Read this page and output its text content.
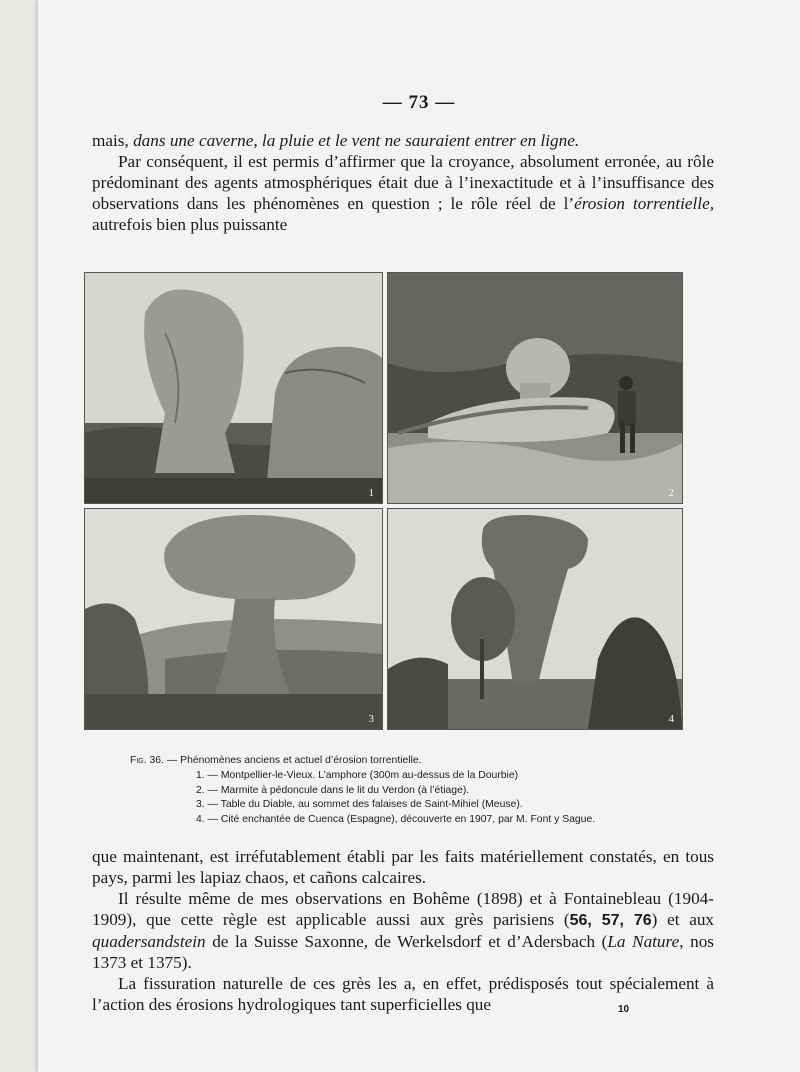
— 73 —

mais, dans une caverne, la pluie et le vent ne sauraient entrer en ligne.

Par conséquent, il est permis d’affirmer que la croyance, absolument erronée, au rôle prédominant des agents atmosphériques était due à l’inexactitude et à l’insuffisance des observations dans les phénomènes en question ; le rôle réel de l’érosion torrentielle, autrefois bien plus puissante

1	2
3	4
Fig. 36. — Phénomènes anciens et actuel d’érosion torrentielle.
1. — Montpellier-le-Vieux. L’amphore (300m au-dessus de la Dourbie)
2. — Marmite à pédoncule dans le lit du Verdon (à l’étiage).
3. — Table du Diable, au sommet des falaises de Saint-Mihiel (Meuse).
4. — Cité enchantée de Cuenca (Espagne), découverte en 1907, par M. Font y Sague.

que maintenant, est irréfutablement établi par les faits matériellement constatés, en tous pays, parmi les lapiaz chaos, et cañons calcaires.

Il résulte même de mes observations en Bohême (1898) et à Fontainebleau (1904-1909), que cette règle est applicable aussi aux grès parisiens (56, 57, 76) et aux quadersandstein de la Suisse Saxonne, de Werkelsdorf et d’Adersbach (La Nature, nos 1373 et 1375).

La fissuration naturelle de ces grès les a, en effet, prédisposés tout spécialement à l’action des érosions hydrologiques tant superficielles que	10
